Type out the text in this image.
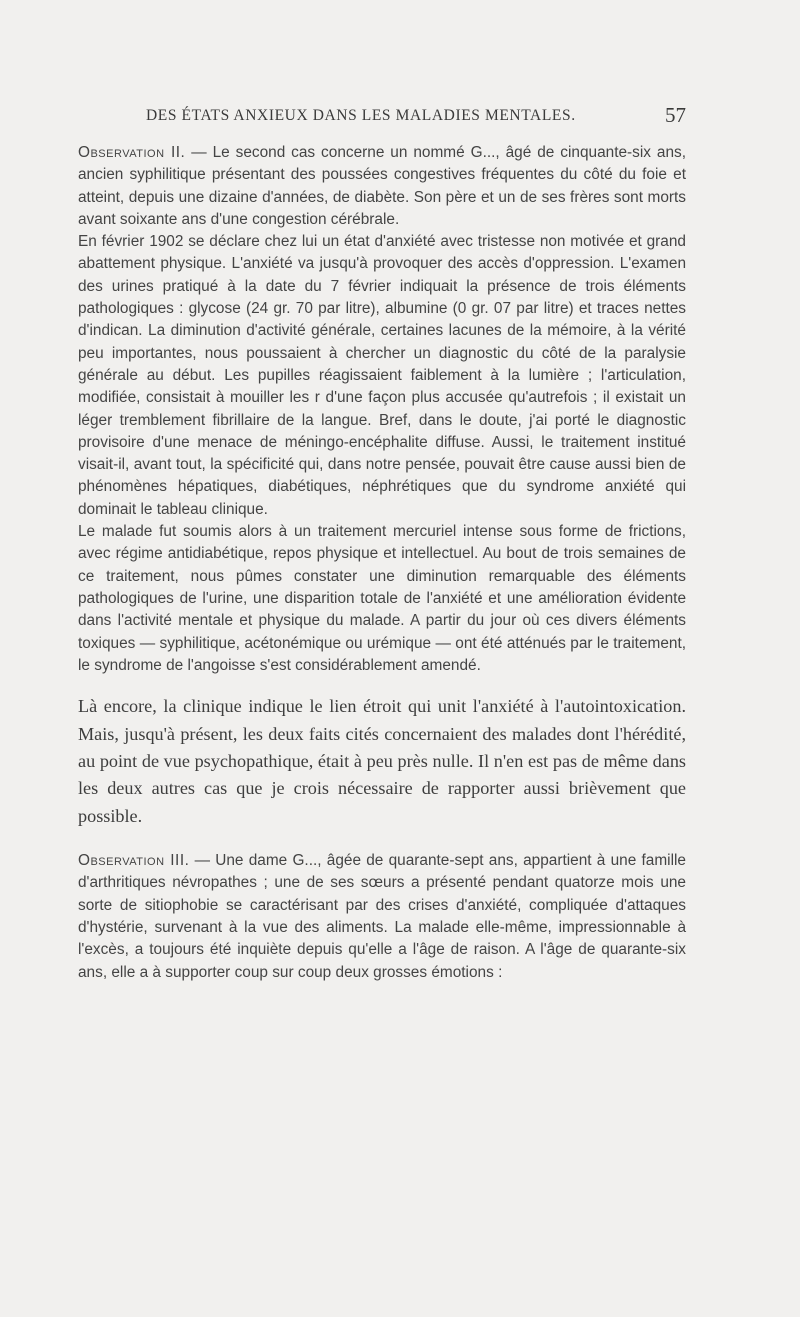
DES ÉTATS ANXIEUX DANS LES MALADIES MENTALES.	57

Observation II. — Le second cas concerne un nommé G..., âgé de cinquante-six ans, ancien syphilitique présentant des poussées congestives fréquentes du côté du foie et atteint, depuis une dizaine d'années, de diabète. Son père et un de ses frères sont morts avant soixante ans d'une congestion cérébrale.

En février 1902 se déclare chez lui un état d'anxiété avec tristesse non motivée et grand abattement physique. L'anxiété va jusqu'à provoquer des accès d'oppression. L'examen des urines pratiqué à la date du 7 février indiquait la présence de trois éléments pathologiques : glycose (24 gr. 70 par litre), albumine (0 gr. 07 par litre) et traces nettes d'indican. La diminution d'activité générale, certaines lacunes de la mémoire, à la vérité peu importantes, nous poussaient à chercher un diagnostic du côté de la paralysie générale au début. Les pupilles réagissaient faiblement à la lumière ; l'articulation, modifiée, consistait à mouiller les r d'une façon plus accusée qu'autrefois ; il existait un léger tremblement fibrillaire de la langue. Bref, dans le doute, j'ai porté le diagnostic provisoire d'une menace de méningo-encéphalite diffuse. Aussi, le traitement institué visait-il, avant tout, la spécificité qui, dans notre pensée, pouvait être cause aussi bien de phénomènes hépatiques, diabétiques, néphrétiques que du syndrome anxiété qui dominait le tableau clinique.

Le malade fut soumis alors à un traitement mercuriel intense sous forme de frictions, avec régime antidiabétique, repos physique et intellectuel. Au bout de trois semaines de ce traitement, nous pûmes constater une diminution remarquable des éléments pathologiques de l'urine, une disparition totale de l'anxiété et une amélioration évidente dans l'activité mentale et physique du malade. A partir du jour où ces divers éléments toxiques — syphilitique, acétonémique ou urémique — ont été atténués par le traitement, le syndrome de l'angoisse s'est considérablement amendé.

Là encore, la clinique indique le lien étroit qui unit l'anxiété à l'autointoxication. Mais, jusqu'à présent, les deux faits cités concernaient des malades dont l'hérédité, au point de vue psychopathique, était à peu près nulle. Il n'en est pas de même dans les deux autres cas que je crois nécessaire de rapporter aussi brièvement que possible.

Observation III. — Une dame G..., âgée de quarante-sept ans, appartient à une famille d'arthritiques névropathes ; une de ses sœurs a présenté pendant quatorze mois une sorte de sitiophobie se caractérisant par des crises d'anxiété, compliquée d'attaques d'hystérie, survenant à la vue des aliments. La malade elle-même, impressionnable à l'excès, a toujours été inquiète depuis qu'elle a l'âge de raison. A l'âge de quarante-six ans, elle a à supporter coup sur coup deux grosses émotions :
